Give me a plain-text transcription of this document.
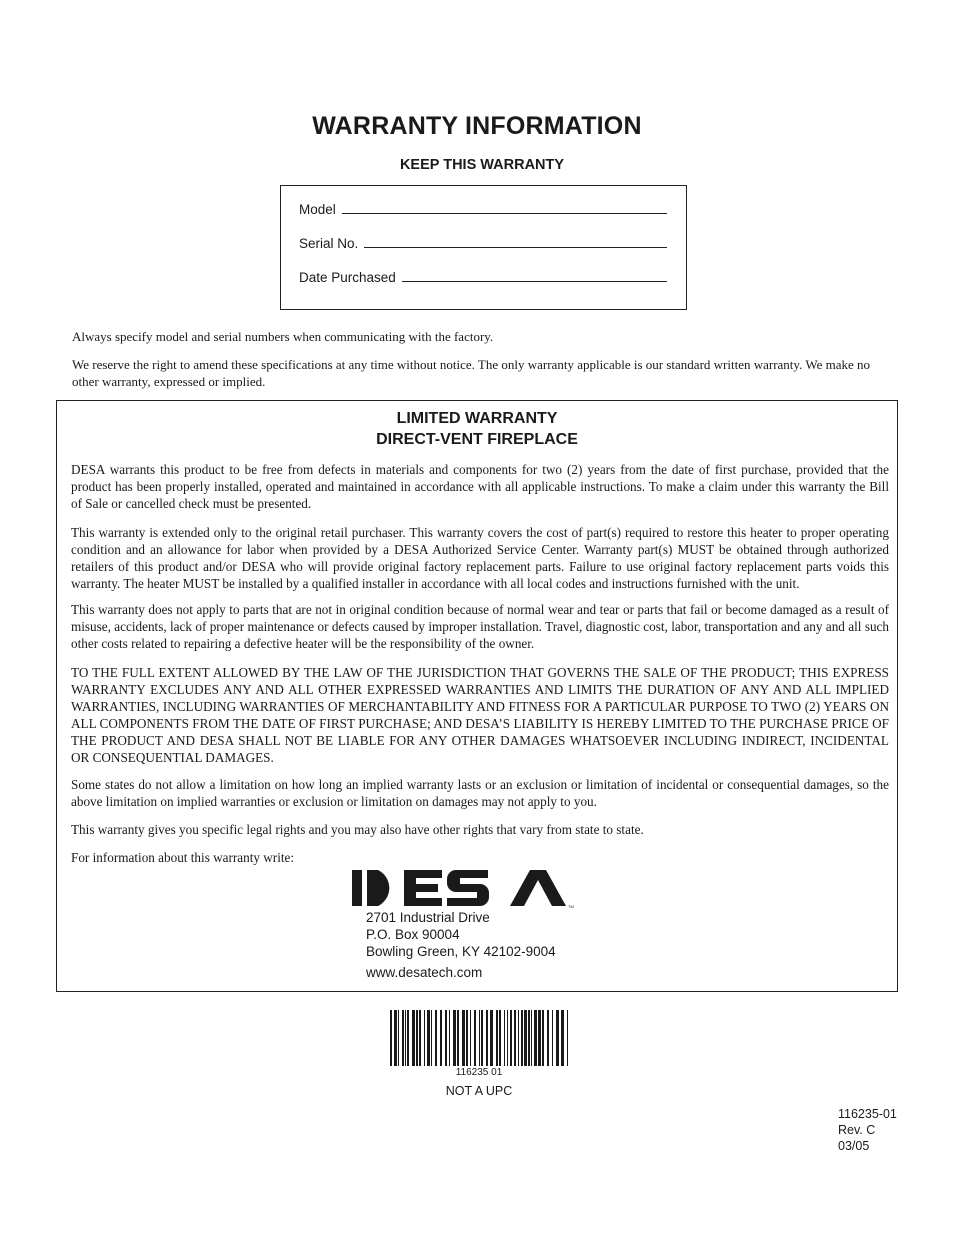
WARRANTY INFORMATION
KEEP THIS WARRANTY
Model
Serial No.
Date Purchased
Always specify model and serial numbers when communicating with the factory.
We reserve the right to amend these specifications at any time without notice. The only warranty applicable is our standard written warranty. We make no other warranty, expressed or implied.
LIMITED WARRANTY
DIRECT-VENT FIREPLACE

DESA warrants this product to be free from defects in materials and components for two (2) years from the date of first purchase, provided that the product has been properly installed, operated and maintained in accordance with all applicable instructions. To make a claim under this warranty the Bill of Sale or cancelled check must be presented.

This warranty is extended only to the original retail purchaser. This warranty covers the cost of part(s) required to restore this heater to proper operating condition and an allowance for labor when provided by a DESA Authorized Service Center. Warranty part(s) MUST be obtained through authorized retailers of this product and/or DESA who will provide original factory replacement parts. Failure to use original factory replacement parts voids this warranty. The heater MUST be installed by a qualified installer in accordance with all local codes and instructions furnished with the unit.

This warranty does not apply to parts that are not in original condition because of normal wear and tear or parts that fail or become damaged as a result of misuse, accidents, lack of proper maintenance or defects caused by improper installation. Travel, diagnostic cost, labor, transportation and any and all such other costs related to repairing a defective heater will be the responsibility of the owner.

TO THE FULL EXTENT ALLOWED BY THE LAW OF THE JURISDICTION THAT GOVERNS THE SALE OF THE PRODUCT; THIS EXPRESS WARRANTY EXCLUDES ANY AND ALL OTHER EXPRESSED WARRANTIES AND LIMITS THE DURATION OF ANY AND ALL IMPLIED WARRANTIES, INCLUDING WARRANTIES OF MERCHANTABILITY AND FITNESS FOR A PARTICULAR PURPOSE TO TWO (2) YEARS ON ALL COMPONENTS FROM THE DATE OF FIRST PURCHASE; AND DESA’S LIABILITY IS HEREBY LIMITED TO THE PURCHASE PRICE OF THE PRODUCT AND DESA SHALL NOT BE LIABLE FOR ANY OTHER DAMAGES WHATSOEVER INCLUDING INDIRECT, INCIDENTAL OR CONSEQUENTIAL DAMAGES.

Some states do not allow a limitation on how long an implied warranty lasts or an exclusion or limitation of incidental or consequential damages, so the above limitation on implied warranties or exclusion or limitation on damages may not apply to you.

This warranty gives you specific legal rights and you may also have other rights that vary from state to state.

For information about this warranty write:

TM
2701 Industrial Drive
P.O. Box 90004
Bowling Green, KY 42102-9004
www.desatech.com
116235 01
NOT A UPC
116235-01
Rev. C
03/05
